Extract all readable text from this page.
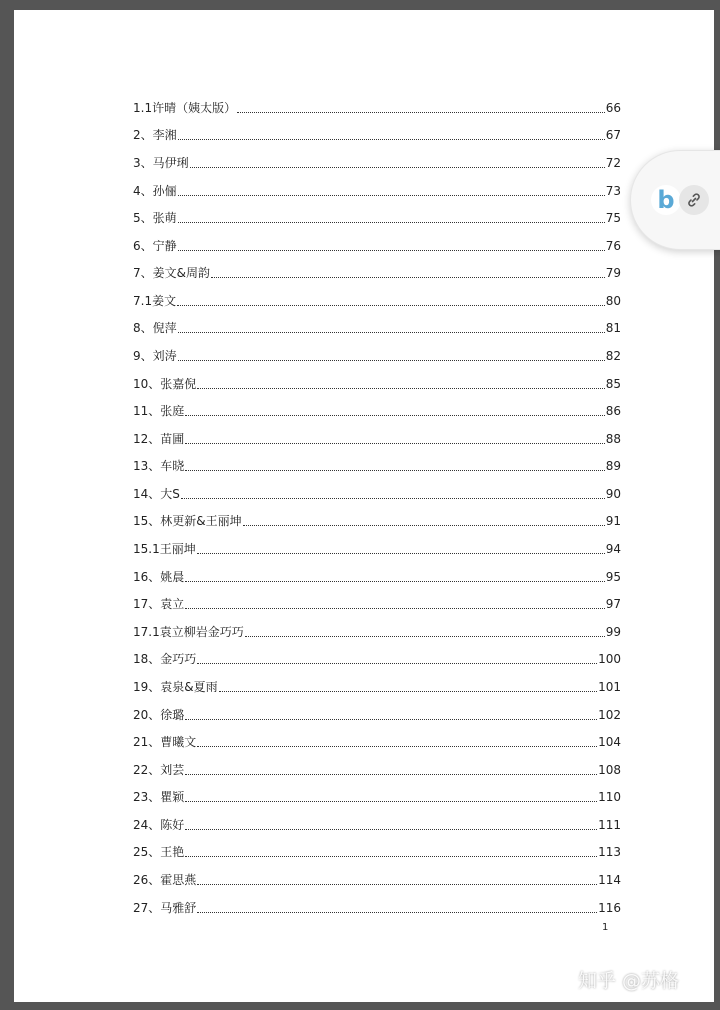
1.1许晴（姨太版）	66
2、李湘	67
3、马伊琍	72
4、孙俪	73
5、张萌	75
6、宁静	76
7、姜文&周韵	79
7.1姜文	80
8、倪萍	81
9、刘涛	82
10、张嘉倪	85
11、张庭	86
12、苗圃	88
13、车晓	89
14、大S	90
15、林更新&王丽坤	91
15.1王丽坤	94
16、姚晨	95
17、袁立	97
17.1袁立柳岩金巧巧	99
18、金巧巧	100
19、袁泉&夏雨	101
20、徐璐	102
21、曹曦文	104
22、刘芸	108
23、瞿颖	110
24、陈好	111
25、王艳	113
26、霍思燕	114
27、马雅舒	116
1
b
知乎 @苏格
